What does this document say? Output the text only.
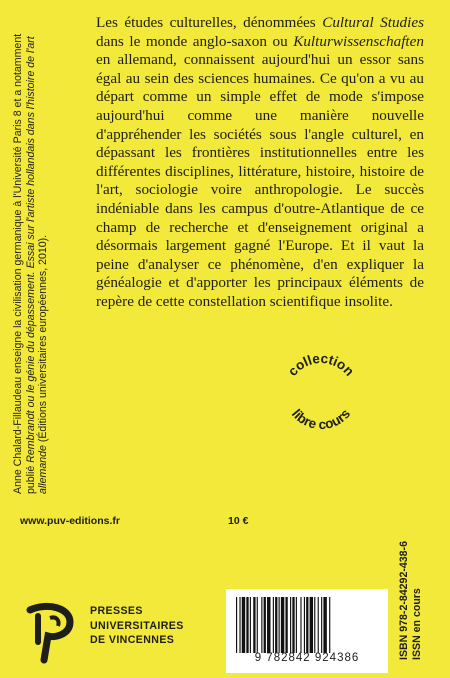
Les études culturelles, dénommées Cultural Studies dans le monde anglo-saxon ou Kulturwissenschaften en allemand, connaissent aujourd'hui un essor sans égal au sein des sciences humaines. Ce qu'on a vu au départ comme un simple effet de mode s'impose aujourd'hui comme une manière nouvelle d'appréhender les sociétés sous l'angle culturel, en dépassant les frontières institutionnelles entre les différentes disciplines, littérature, histoire, histoire de l'art, sociologie voire anthropologie. Le succès indéniable dans les campus d'outre-Atlantique de ce champ de recherche et d'enseignement original a désormais largement gagné l'Europe. Et il vaut la peine d'analyser ce phénomène, d'en expliquer la généalogie et d'apporter les principaux éléments de repère de cette constellation scientifique insolite.

Anne Chalard-Fillaudeau enseigne la civilisation germanique à l'Université Paris 8 et a notamment publié Rembrandt ou le génie du dépassement. Essai sur l'artiste hollandais dans l'histoire de l'art allemande (Éditions universitaires européennes, 2010).	collection
libre cours
www.puv-editions.fr	10 €
ISBN 978-2-84292-438-6 ISSN en cours
PRESSES
UNIVERSITAIRES
DE VINCENNES
9 782842 924386
